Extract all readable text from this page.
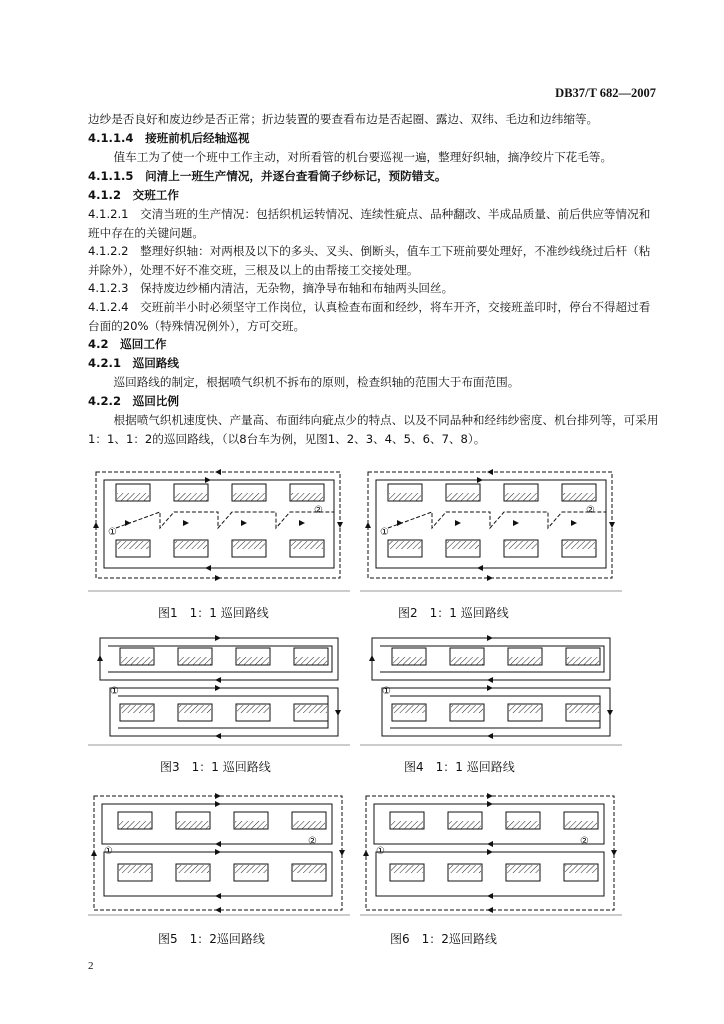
DB37/T 682—2007
边纱是否良好和废边纱是否正常；折边装置的要查看布边是否起圈、露边、双纬、毛边和边纬缩等。
4.1.1.4　接班前机后经轴巡视
值车工为了使一个班中工作主动，对所看管的机台要巡视一遍，整理好织轴，摘净绞片下花毛等。
4.1.1.5　问清上一班生产情况，并逐台查看筒子纱标记，预防错支。
4.1.2　交班工作
4.1.2.1　交清当班的生产情况：包括织机运转情况、连续性疵点、品种翻改、半成品质量、前后供应等情况和班中存在的关键问题。
4.1.2.2　整理好织轴：对两根及以下的多头、叉头、倒断头，值车工下班前要处理好，不准纱线绕过后杆（粘并除外），处理不好不准交班，三根及以上的由帮接工交接处理。
4.1.2.3　保持废边纱桶内清洁，无杂物，摘净导布轴和布轴两头回丝。
4.1.2.4　交班前半小时必须坚守工作岗位，认真检查布面和经纱，将车开齐，交接班盖印时，停台不得超过看台面的20%（特殊情况例外），方可交班。
4.2　巡回工作
4.2.1　巡回路线
巡回路线的制定，根据喷气织机不拆布的原则，检查织轴的范围大于布面范围。
4.2.2　巡回比例
根据喷气织机速度快、产量高、布面纬向疵点少的特点、以及不同品种和经纬纱密度、机台排列等，可采用1：1、1：2的巡回路线，（以8台车为例，见图1、2、3、4、5、6、7、8）。
①
②
①
②
①	①
①
②
①
②
图1　1：1 巡回路线	图2　1：1 巡回路线
图3　1：1 巡回路线	图4　1：1 巡回路线
图5　1：2巡回路线	图6　1：2巡回路线
2
